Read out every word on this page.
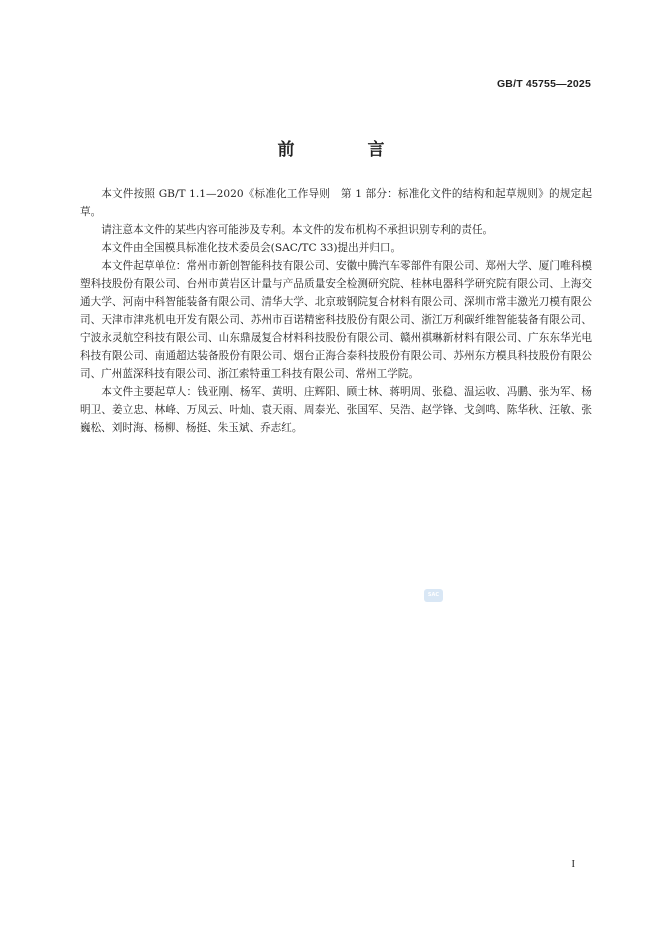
GB/T 45755—2025
前　言

本文件按照 GB/T 1.1—2020《标准化工作导则　第 1 部分：标准化文件的结构和起草规则》的规定起草。

请注意本文件的某些内容可能涉及专利。本文件的发布机构不承担识别专利的责任。

本文件由全国模具标准化技术委员会(SAC/TC 33)提出并归口。

本文件起草单位：常州市新创智能科技有限公司、安徽中腾汽车零部件有限公司、郑州大学、厦门唯科模塑科技股份有限公司、台州市黄岩区计量与产品质量安全检测研究院、桂林电器科学研究院有限公司、上海交通大学、河南中科智能装备有限公司、清华大学、北京玻钢院复合材料有限公司、深圳市常丰激光刀模有限公司、天津市津兆机电开发有限公司、苏州市百诺精密科技股份有限公司、浙江万利碳纤维智能装备有限公司、宁波永灵航空科技有限公司、山东鼎晟复合材料科技股份有限公司、赣州祺琳新材料有限公司、广东东华光电科技有限公司、南通超达装备股份有限公司、烟台正海合泰科技股份有限公司、苏州东方模具科技股份有限公司、广州蓝深科技有限公司、浙江索特重工科技有限公司、常州工学院。

本文件主要起草人：钱亚刚、杨军、黄明、庄辉阳、顾士林、蒋明周、张稳、温运收、冯鹏、张为军、杨明卫、姜立忠、林峰、万凤云、叶灿、袁天雨、周泰光、张国军、吴浩、赵学锋、戈剑鸣、陈华秋、汪敏、张巍松、刘时海、杨柳、杨挺、朱玉斌、乔志红。

SAC
I
